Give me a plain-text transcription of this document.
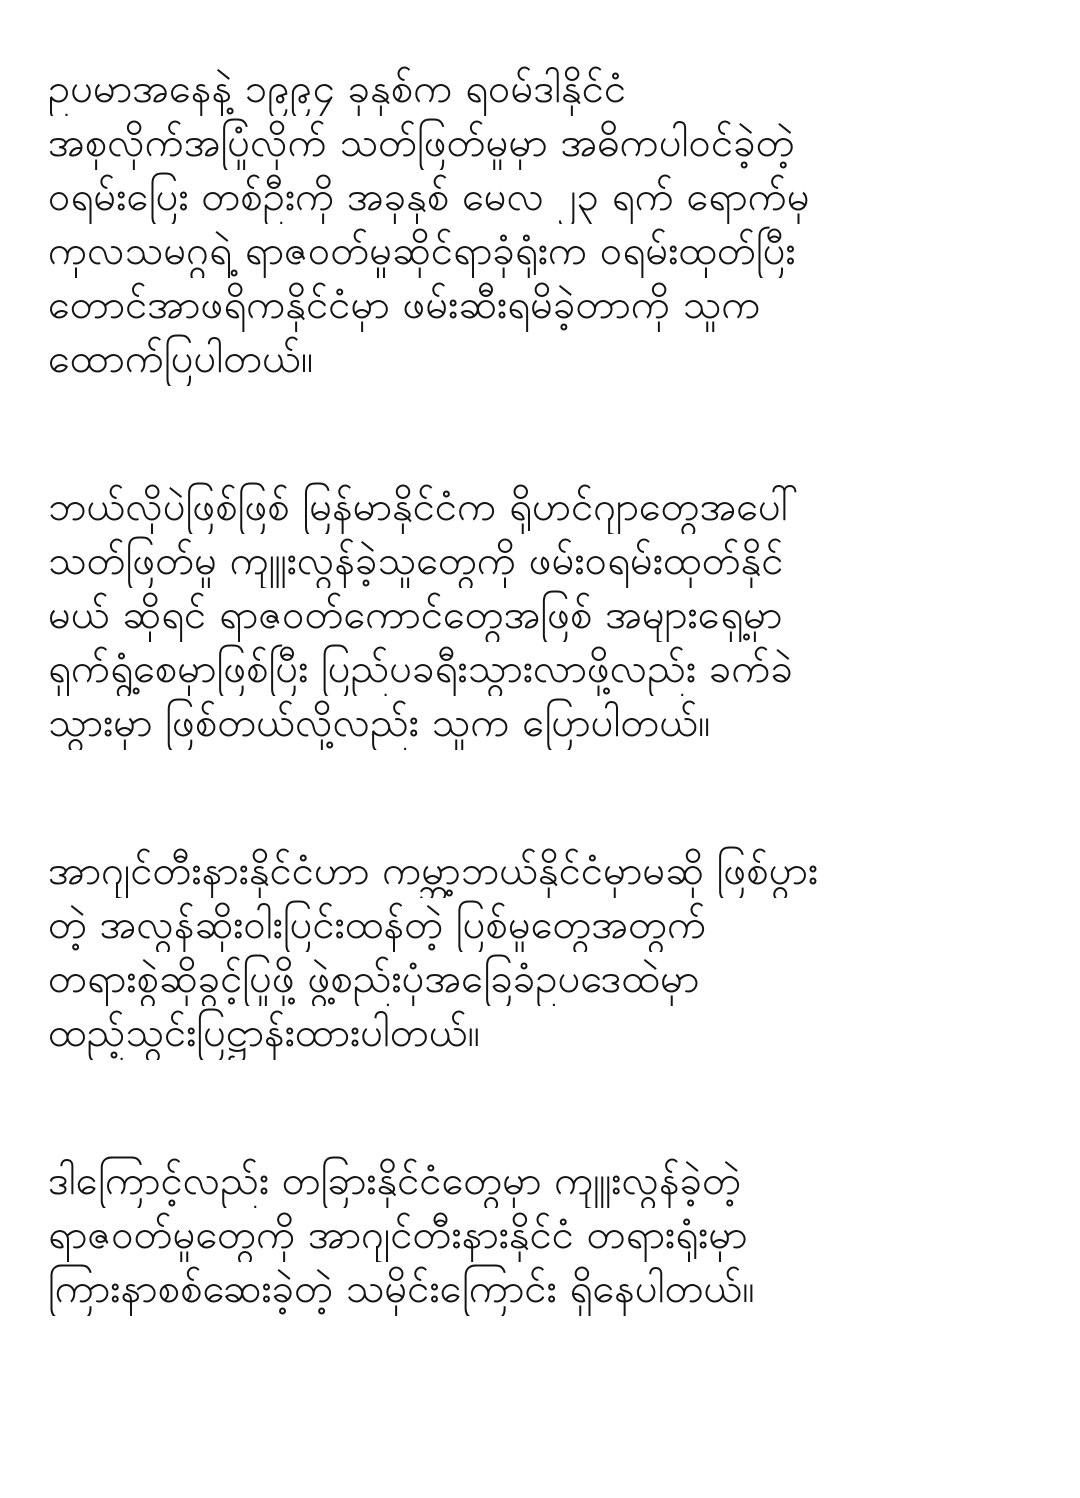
ဥပမာအနေနဲ့ ၁၉၉၄ ခုနှစ်က ရဝမ်ဒါနိုင်ငံ
အစုလိုက်အပြုံလိုက် သတ်ဖြတ်မှုမှာ အဓိကပါဝင်ခဲ့တဲ့
ဝရမ်းပြေး တစ်ဦးကို အခုနှစ် မေလ ၂၃ ရက် ရောက်မှ
ကုလသမဂ္ဂရဲ့ ရာဇဝတ်မှုဆိုင်ရာခုံရုံးက ဝရမ်းထုတ်ပြီး
တောင်အာဖရိကနိုင်ငံမှာ ဖမ်းဆီးရမိခဲ့တာကို သူက
ထောက်ပြပါတယ်။
ဘယ်လိုပဲဖြစ်ဖြစ် မြန်မာနိုင်ငံက ရိုဟင်ဂျာတွေအပေါ်
သတ်ဖြတ်မှု ကျူးလွန်ခဲ့သူတွေကို ဖမ်းဝရမ်းထုတ်နိုင်
မယ် ဆိုရင် ရာဇဝတ်ကောင်တွေအဖြစ် အများရှေ့မှာ
ရှက်ရွံ့စေမှာဖြစ်ပြီး ပြည်ပခရီးသွားလာဖို့လည်း ခက်ခဲ
သွားမှာ ဖြစ်တယ်လို့လည်း သူက ပြောပါတယ်။
အာဂျင်တီးနားနိုင်ငံဟာ ကမ္ဘာ့ဘယ်နိုင်ငံမှာမဆို ဖြစ်ပွား
တဲ့ အလွန်ဆိုးဝါးပြင်းထန်တဲ့ ပြစ်မှုတွေအတွက်
တရားစွဲဆိုခွင့်ပြုဖို့ ဖွဲ့စည်းပုံအခြေခံဥပဒေထဲမှာ
ထည့်သွင်းပြဋ္ဌာန်းထားပါတယ်။
ဒါကြောင့်လည်း တခြားနိုင်ငံတွေမှာ ကျူးလွန်ခဲ့တဲ့
ရာဇဝတ်မှုတွေကို အာဂျင်တီးနားနိုင်ငံ တရားရုံးမှာ
ကြားနာစစ်ဆေးခဲ့တဲ့ သမိုင်းကြောင်း ရှိနေပါတယ်။
